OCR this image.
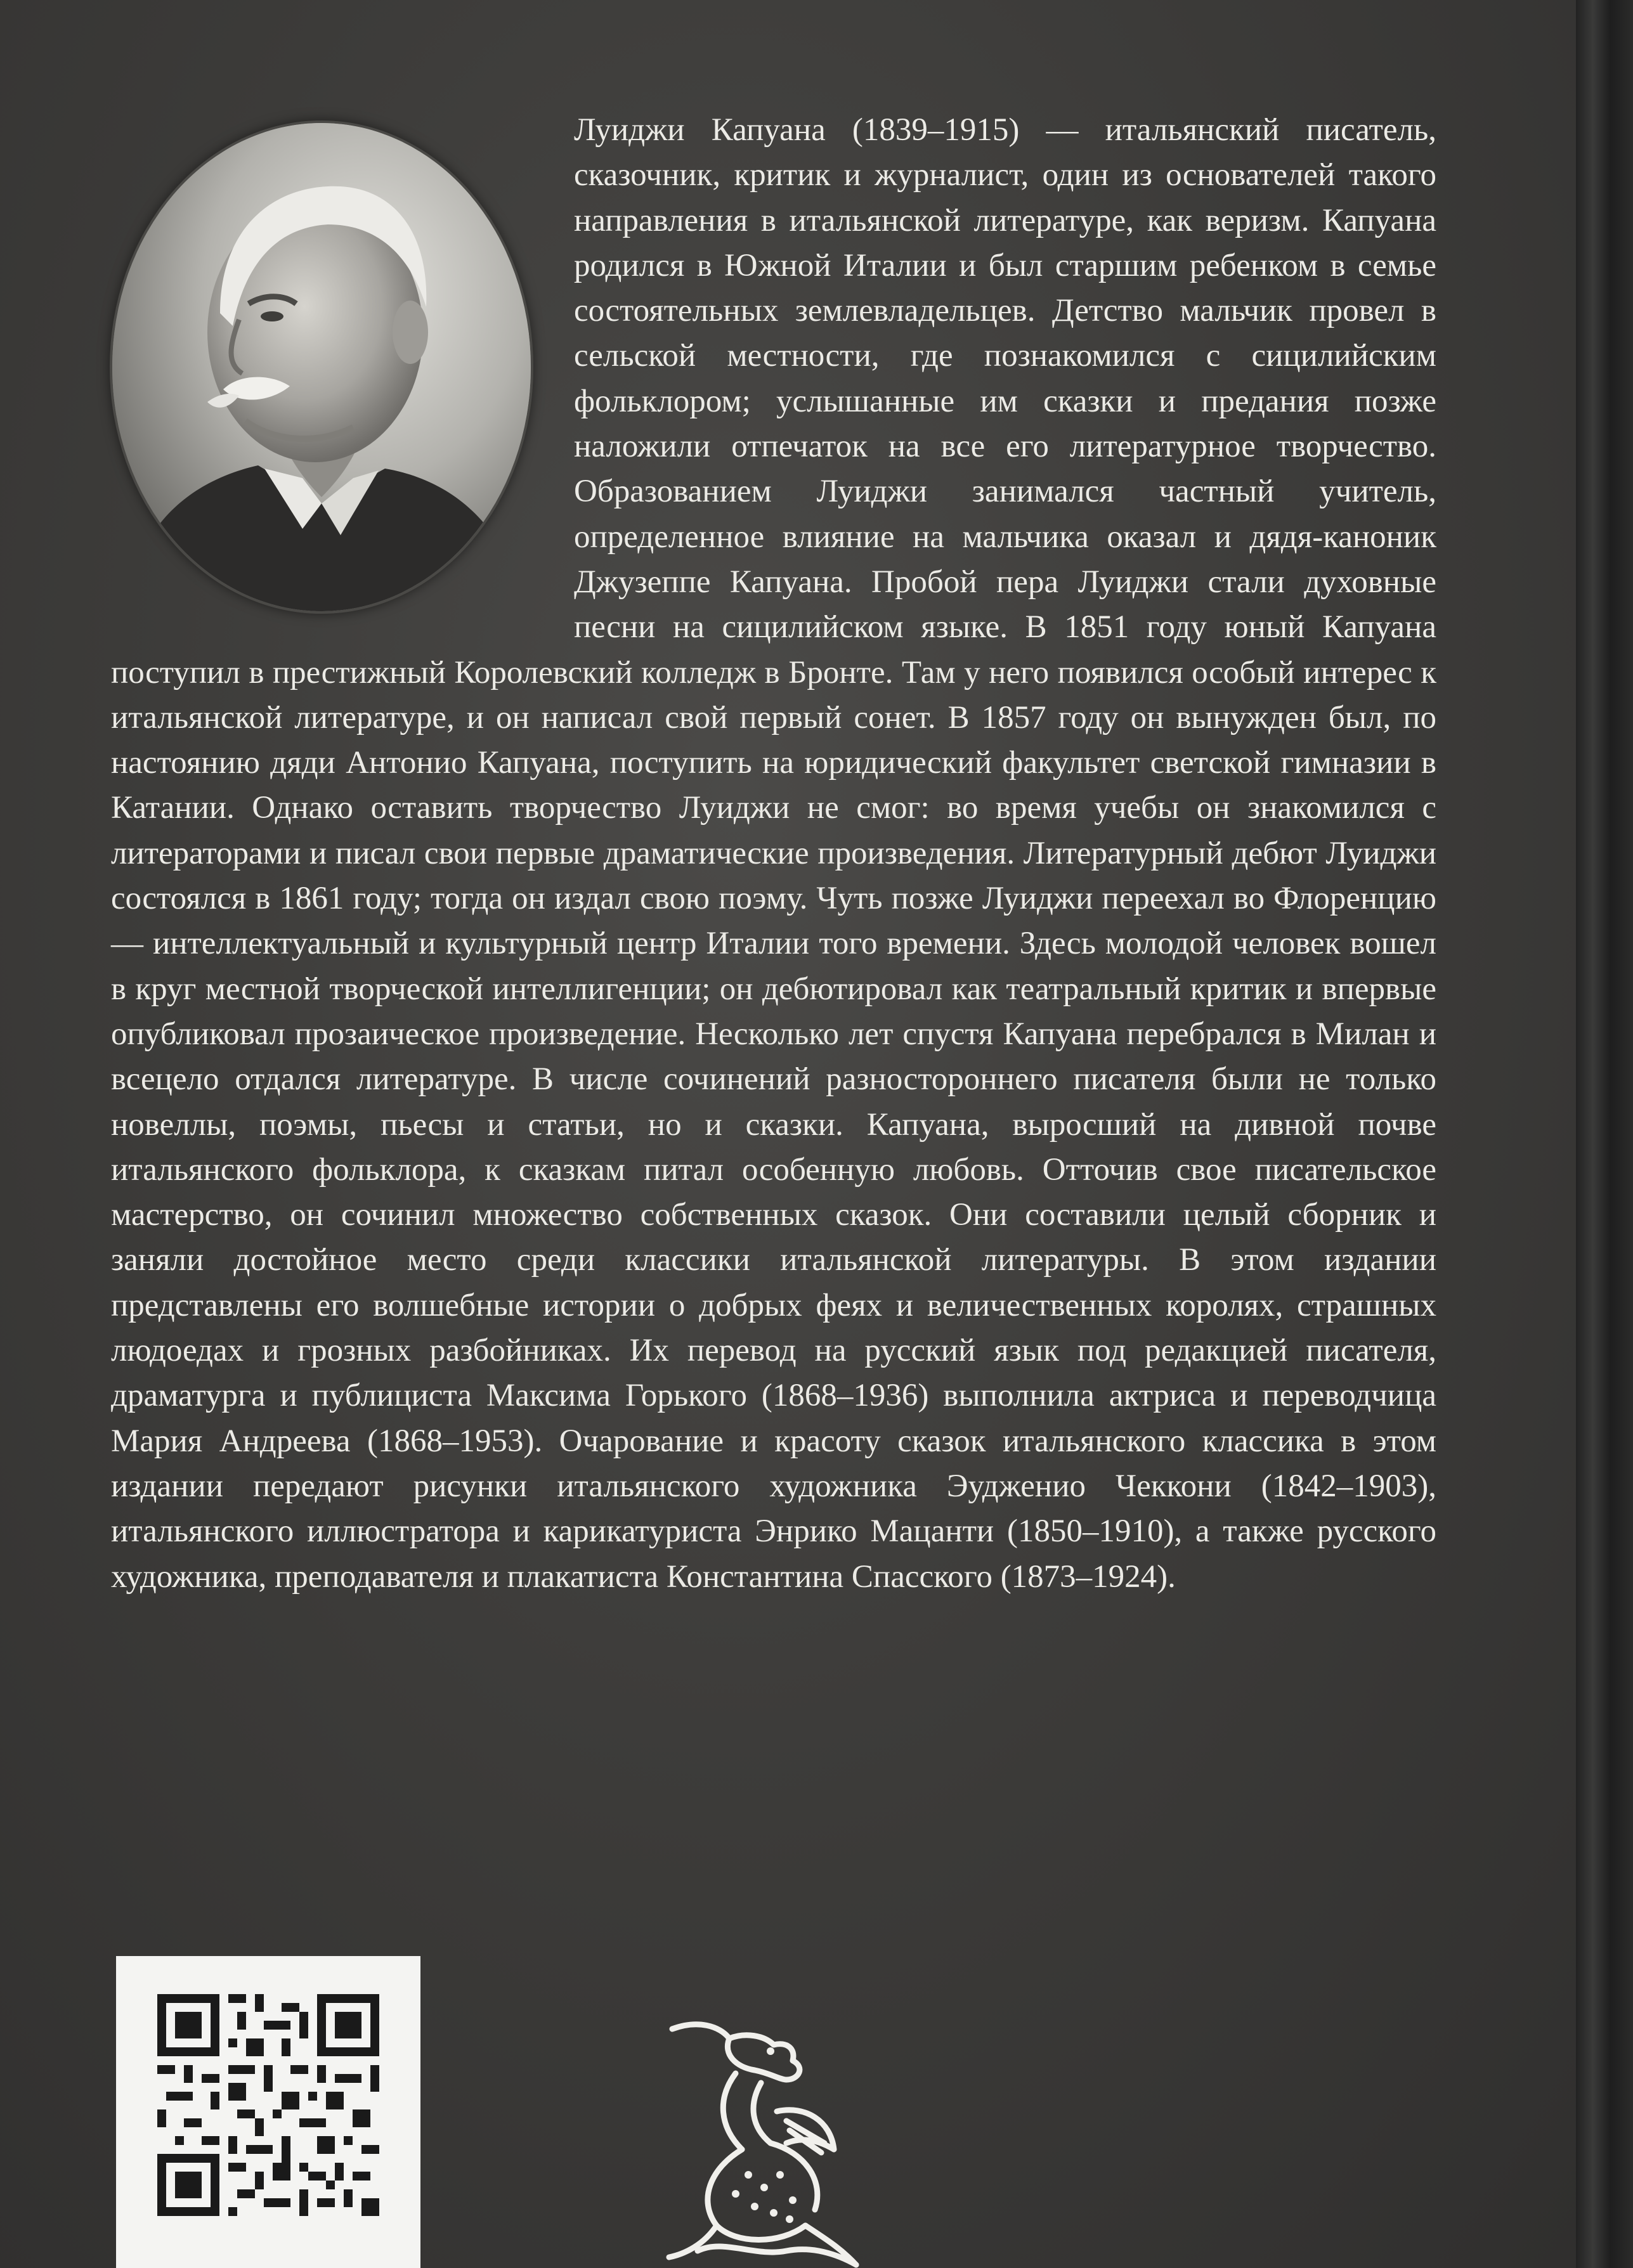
Луиджи Капуана (1839–1915) — итальянский писатель, сказочник, критик и журналист, один из основателей такого направления в итальянской литературе, как веризм. Капуана родился в Южной Италии и был старшим ребенком в семье состоятельных землевладельцев. Детство мальчик провел в сельской местности, где познакомился с сицилийским фольклором; услышанные им сказки и предания позже наложили отпечаток на все его литературное творчество. Образованием Луиджи занимался частный учитель, определенное влияние на мальчика оказал и дядя-каноник Джузеппе Капуана. Пробой пера Луиджи стали духовные песни на сицилийском языке. В 1851 году юный Капуана поступил в престижный Королевский колледж в Бронте. Там у него появился особый интерес к итальянской литературе, и он написал свой первый сонет. В 1857 году он вынужден был, по настоянию дяди Антонио Капуана, поступить на юридический факультет светской гимназии в Катании. Однако оставить творчество Луиджи не смог: во время учебы он знакомился с литераторами и писал свои первые драматические произведения. Литературный дебют Луиджи состоялся в 1861 году; тогда он издал свою поэму. Чуть позже Луиджи переехал во Флоренцию — интеллектуальный и культурный центр Италии того времени. Здесь молодой человек вошел в круг местной творческой интеллигенции; он дебютировал как театральный критик и впервые опубликовал прозаическое произведение. Несколько лет спустя Капуана перебрался в Милан и всецело отдался литературе. В числе сочинений разностороннего писателя были не только новеллы, поэмы, пьесы и статьи, но и сказки. Капуана, выросший на дивной почве итальянского фольклора, к сказкам питал особенную любовь. Отточив свое писательское мастерство, он сочинил множество собственных сказок. Они составили целый сборник и заняли достойное место среди классики итальянской литературы. В этом издании представлены его волшебные истории о добрых феях и величественных королях, страшных людоедах и грозных разбойниках. Их перевод на русский язык под редакцией писателя, драматурга и публициста Максима Горького (1868–1936) выполнила актриса и переводчица Мария Андреева (1868–1953). Очарование и красоту сказок итальянского классика в этом издании передают рисунки итальянского художника Эудженио Чеккони (1842–1903), итальянского иллюстратора и карикатуриста Энрико Мацанти (1850–1910), а также русского художника, преподавателя и плакатиста Константина Спасского (1873–1924).
